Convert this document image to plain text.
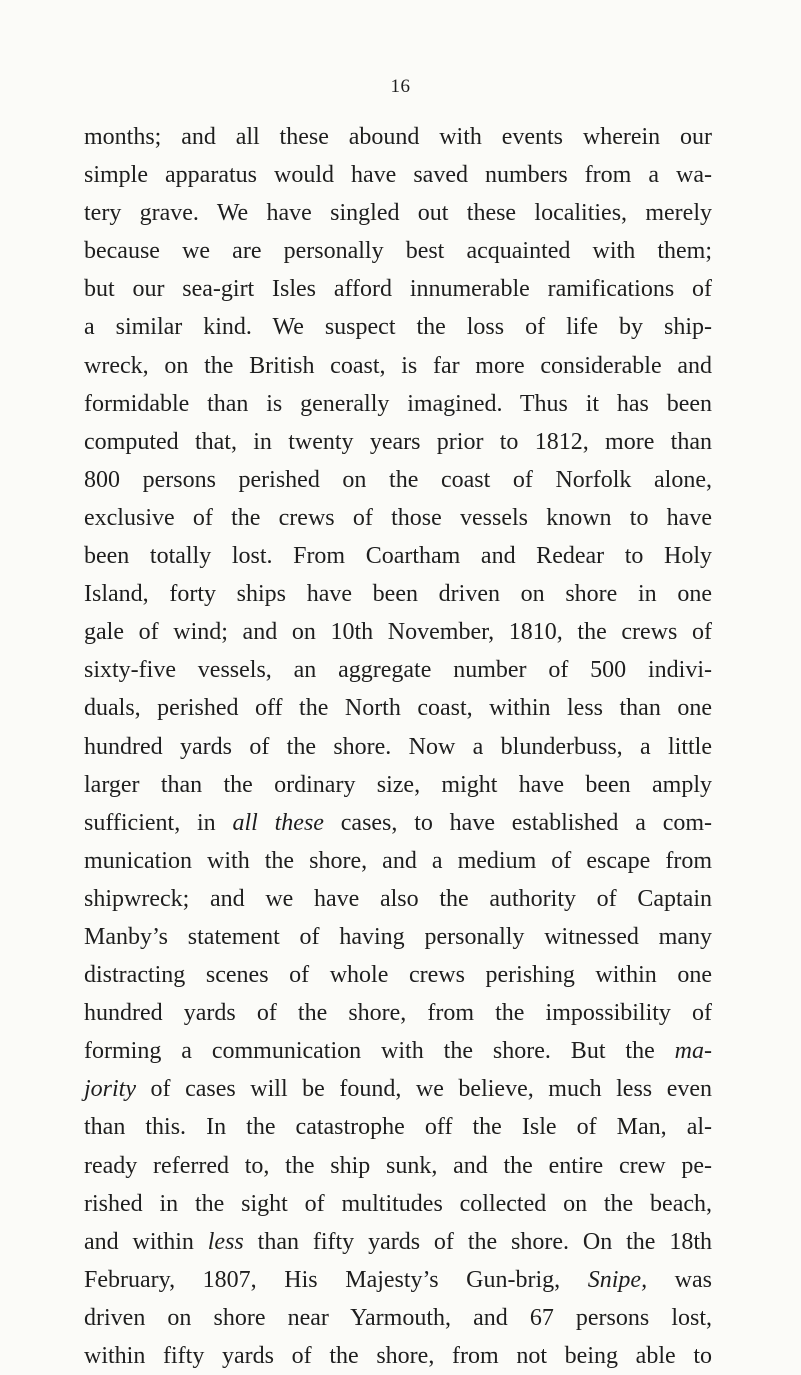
16
months; and all these abound with events wherein our
simple apparatus would have saved numbers from a wa-
tery grave. We have singled out these localities, merely
because we are personally best acquainted with them;
but our sea-girt Isles afford innumerable ramifications of
a similar kind. We suspect the loss of life by ship-
wreck, on the British coast, is far more considerable and
formidable than is generally imagined. Thus it has been
computed that, in twenty years prior to 1812, more than
800 persons perished on the coast of Norfolk alone,
exclusive of the crews of those vessels known to have
been totally lost. From Coartham and Redear to Holy
Island, forty ships have been driven on shore in one
gale of wind; and on 10th November, 1810, the crews of
sixty-five vessels, an aggregate number of 500 indivi-
duals, perished off the North coast, within less than one
hundred yards of the shore. Now a blunderbuss, a little
larger than the ordinary size, might have been amply
sufficient, in all these cases, to have established a com-
munication with the shore, and a medium of escape from
shipwreck; and we have also the authority of Captain
Manby’s statement of having personally witnessed many
distracting scenes of whole crews perishing within one
hundred yards of the shore, from the impossibility of
forming a communication with the shore. But the ma-
jority of cases will be found, we believe, much less even
than this. In the catastrophe off the Isle of Man, al-
ready referred to, the ship sunk, and the entire crew pe-
rished in the sight of multitudes collected on the beach,
and within less than fifty yards of the shore. On the 18th
February, 1807, His Majesty’s Gun-brig, Snipe, was
driven on shore near Yarmouth, and 67 persons lost,
within fifty yards of the shore, from not being able to
